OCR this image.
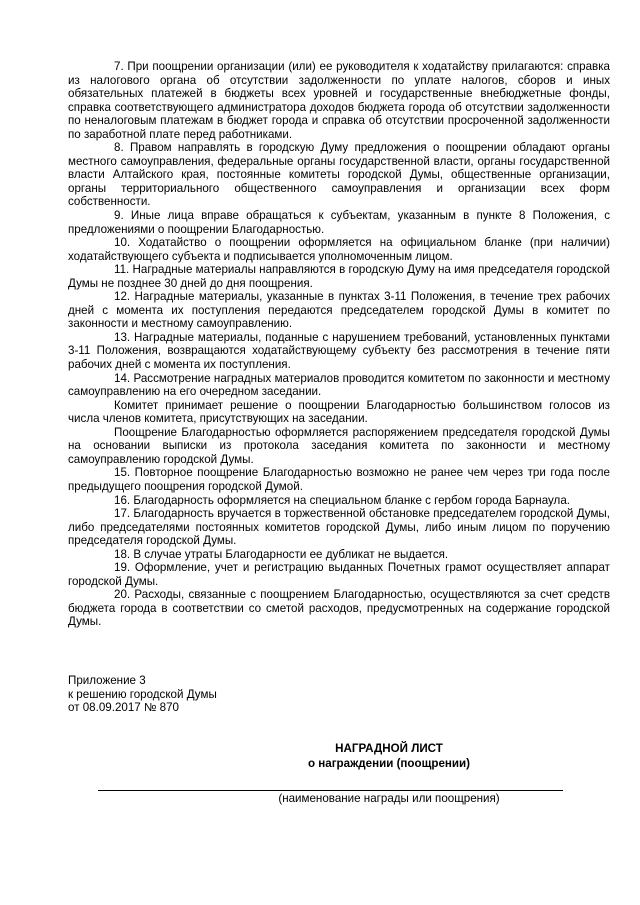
7. При поощрении организации (или) ее руководителя к ходатайству прилагаются: справка из налогового органа об отсутствии задолженности по уплате налогов, сборов и иных обязательных платежей в бюджеты всех уровней и государственные внебюджетные фонды, справка соответствующего администратора доходов бюджета города об отсутствии задолженности по неналоговым платежам в бюджет города и справка об отсутствии просроченной задолженности по заработной плате перед работниками.

8. Правом направлять в городскую Думу предложения о поощрении обладают органы местного самоуправления, федеральные органы государственной власти, органы государственной власти Алтайского края, постоянные комитеты городской Думы, общественные организации, органы территориального общественного самоуправления и организации всех форм собственности.

9. Иные лица вправе обращаться к субъектам, указанным в пункте 8 Положения, с предложениями о поощрении Благодарностью.

10. Ходатайство о поощрении оформляется на официальном бланке (при наличии) ходатайствующего субъекта и подписывается уполномоченным лицом.

11. Наградные материалы направляются в городскую Думу на имя председателя городской Думы не позднее 30 дней до дня поощрения.

12. Наградные материалы, указанные в пунктах 3-11 Положения, в течение трех рабочих дней с момента их поступления передаются председателем городской Думы в комитет по законности и местному самоуправлению.

13. Наградные материалы, поданные с нарушением требований, установленных пунктами 3-11 Положения, возвращаются ходатайствующему субъекту без рассмотрения в течение пяти рабочих дней с момента их поступления.

14. Рассмотрение наградных материалов проводится комитетом по законности и местному самоуправлению на его очередном заседании.

Комитет принимает решение о поощрении Благодарностью большинством голосов из числа членов комитета, присутствующих на заседании.

Поощрение Благодарностью оформляется распоряжением председателя городской Думы на основании выписки из протокола заседания комитета по законности и местному самоуправлению городской Думы.

15. Повторное поощрение Благодарностью возможно не ранее чем через три года после предыдущего поощрения городской Думой.

16. Благодарность оформляется на специальном бланке с гербом города Барнаула.

17. Благодарность вручается в торжественной обстановке председателем городской Думы, либо председателями постоянных комитетов городской Думы, либо иным лицом по поручению председателя городской Думы.

18. В случае утраты Благодарности ее дубликат не выдается.

19. Оформление, учет и регистрацию выданных Почетных грамот осуществляет аппарат городской Думы.

20. Расходы, связанные с поощрением Благодарностью, осуществляются за счет средств бюджета города в соответствии со сметой расходов, предусмотренных на содержание городской Думы.

Приложение 3
к решению городской Думы
от 08.09.2017 № 870
НАГРАДНОЙ ЛИСТ
о награждении (поощрении)
(наименование награды или поощрения)
